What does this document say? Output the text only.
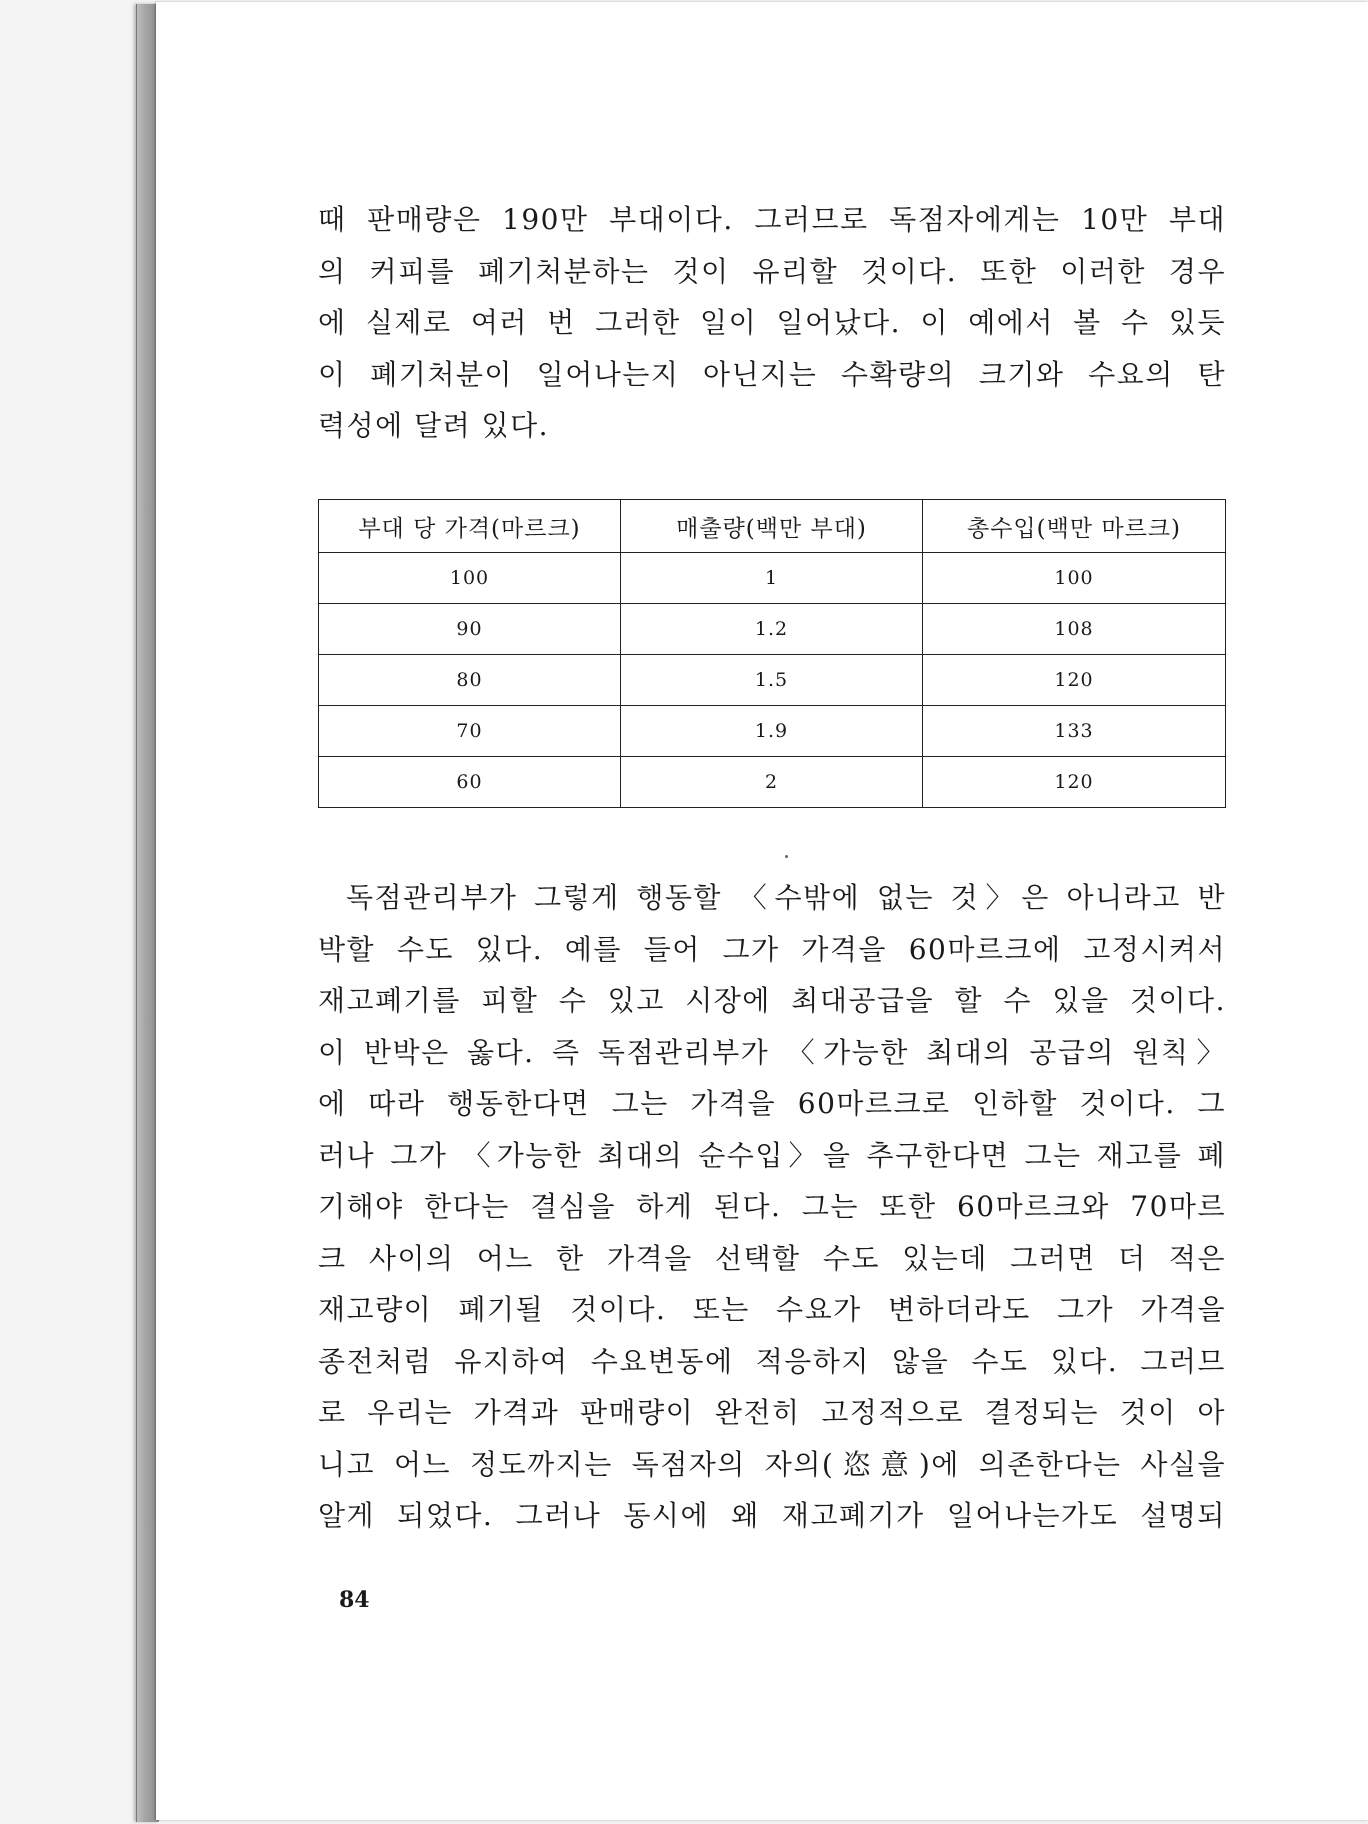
때 판매량은 190만 부대이다. 그러므로 독점자에게는 10만 부대
의 커피를 폐기처분하는 것이 유리할 것이다. 또한 이러한 경우
에 실제로 여러 번 그러한 일이 일어났다. 이 예에서 볼 수 있듯
이 폐기처분이 일어나는지 아닌지는 수확량의 크기와 수요의 탄
력성에 달려 있다.
부대 당 가격(마르크)	매출량(백만 부대)	총수입(백만 마르크)
100	1	100
90	1.2	108
80	1.5	120
70	1.9	133
60	2	120
독점관리부가 그렇게 행동할 〈수밖에 없는 것〉은 아니라고 반
박할 수도 있다. 예를 들어 그가 가격을 60마르크에 고정시켜서
재고폐기를 피할 수 있고 시장에 최대공급을 할 수 있을 것이다.
이 반박은 옳다. 즉 독점관리부가 〈가능한 최대의 공급의 원칙〉
에 따라 행동한다면 그는 가격을 60마르크로 인하할 것이다. 그
러나 그가 〈가능한 최대의 순수입〉을 추구한다면 그는 재고를 폐
기해야 한다는 결심을 하게 된다. 그는 또한 60마르크와 70마르
크 사이의 어느 한 가격을 선택할 수도 있는데 그러면 더 적은
재고량이 폐기될 것이다. 또는 수요가 변하더라도 그가 가격을
종전처럼 유지하여 수요변동에 적응하지 않을 수도 있다. 그러므
로 우리는 가격과 판매량이 완전히 고정적으로 결정되는 것이 아
니고 어느 정도까지는 독점자의 자의(恣意)에 의존한다는 사실을
알게 되었다. 그러나 동시에 왜 재고폐기가 일어나는가도 설명되
84
